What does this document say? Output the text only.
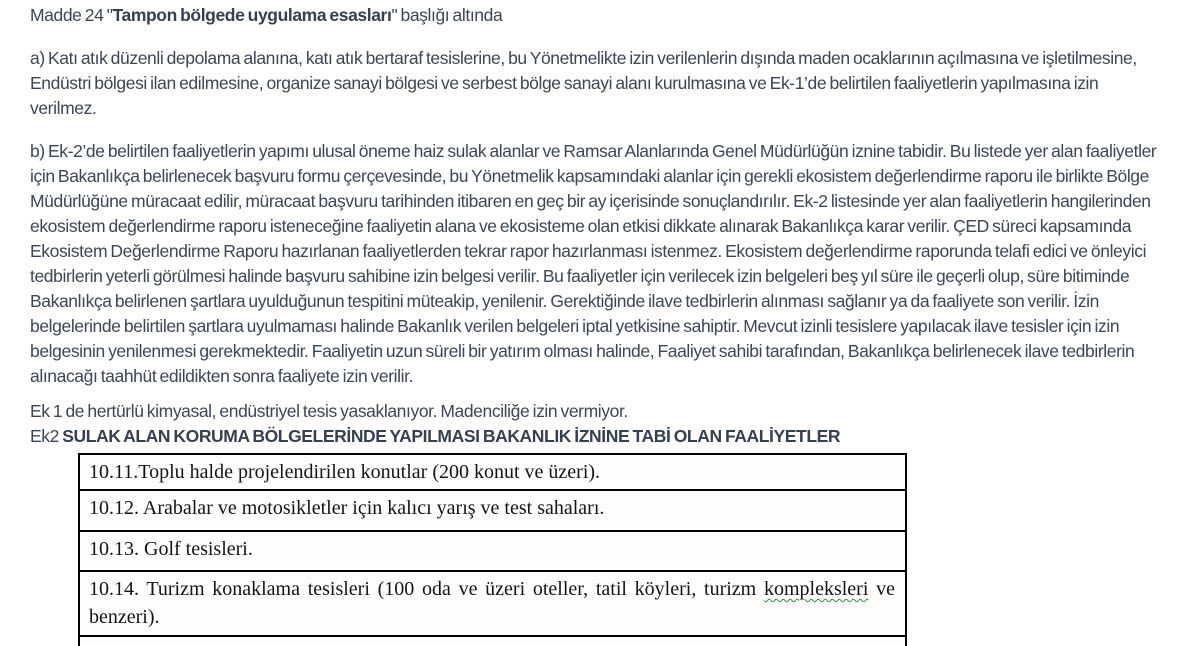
Madde 24 "Tampon bölgede uygulama esasları" başlığı altında

a) Katı atık düzenli depolama alanına, katı atık bertaraf tesislerine, bu Yönetmelikte izin verilenlerin dışında maden ocaklarının açılmasına ve işletilmesine, Endüstri bölgesi ilan edilmesine, organize sanayi bölgesi ve serbest bölge sanayi alanı kurulmasına ve Ek-1’de belirtilen faaliyetlerin yapılmasına izin verilmez.

b) Ek-2’de belirtilen faaliyetlerin yapımı ulusal öneme haiz sulak alanlar ve Ramsar Alanlarında Genel Müdürlüğün iznine tabidir. Bu listede yer alan faaliyetler için Bakanlıkça belirlenecek başvuru formu çerçevesinde, bu Yönetmelik kapsamındaki alanlar için gerekli ekosistem değerlendirme raporu ile birlikte Bölge Müdürlüğüne müracaat edilir, müracaat başvuru tarihinden itibaren en geç bir ay içerisinde sonuçlandırılır. Ek-2 listesinde yer alan faaliyetlerin hangilerinden ekosistem değerlendirme raporu isteneceğine faaliyetin alana ve ekosisteme olan etkisi dikkate alınarak Bakanlıkça karar verilir. ÇED süreci kapsamında Ekosistem Değerlendirme Raporu hazırlanan faaliyetlerden tekrar rapor hazırlanması istenmez. Ekosistem değerlendirme raporunda telafi edici ve önleyici tedbirlerin yeterli görülmesi halinde başvuru sahibine izin belgesi verilir. Bu faaliyetler için verilecek izin belgeleri beş yıl süre ile geçerli olup, süre bitiminde Bakanlıkça belirlenen şartlara uyulduğunun tespitini müteakip, yenilenir. Gerektiğinde ilave tedbirlerin alınması sağlanır ya da faaliyete son verilir. İzin belgelerinde belirtilen şartlara uyulmaması halinde Bakanlık verilen belgeleri iptal yetkisine sahiptir. Mevcut izinli tesislere yapılacak ilave tesisler için izin belgesinin yenilenmesi gerekmektedir. Faaliyetin uzun süreli bir yatırım olması halinde, Faaliyet sahibi tarafından, Bakanlıkça belirlenecek ilave tedbirlerin alınacağı taahhüt edildikten sonra faaliyete izin verilir.

Ek 1 de hertürlü kimyasal, endüstriyel tesis yasaklanıyor. Madenciliğe izin vermiyor.

Ek2 SULAK ALAN KORUMA BÖLGELERİNDE YAPILMASI BAKANLIK İZNİNE TABİ OLAN FAALİYETLER

10.11.Toplu halde projelendirilen konutlar (200 konut ve üzeri).
10.12. Arabalar ve motosikletler için kalıcı yarış ve test sahaları.
10.13. Golf tesisleri.
10.14. Turizm konaklama tesisleri (100 oda ve üzeri oteller, tatil köyleri, turizm kompleksleri ve benzeri).
